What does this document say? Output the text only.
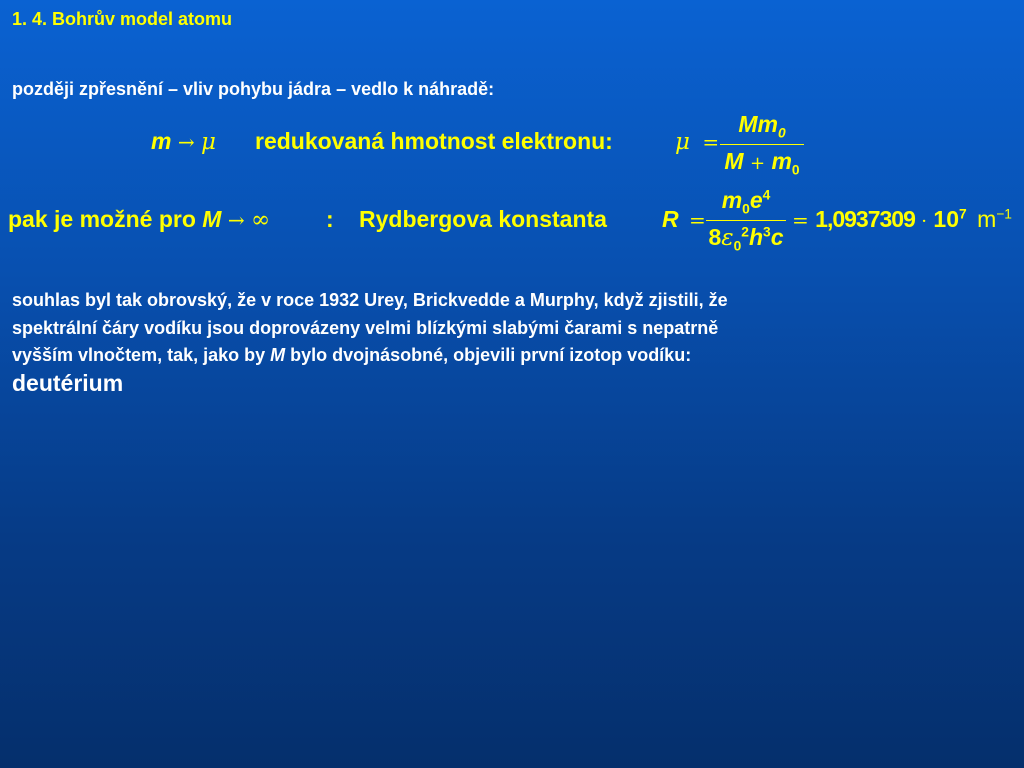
1. 4. Bohrův model atomu
později zpřesnění – vliv pohybu jádra – vedlo k náhradě:
m → μ redukovaná hmotnost elektronu:	μ =
$Mm_0$
$M + m_0$
pak je možné pro M → ∞ : Rydbergova konstanta R =
$m_0e^4$
$8\varepsilon_0^2h^3c$
= $1,0937309 \cdot 10^7$ $m^{-1}$
souhlas byl tak obrovský, že v roce 1932 Urey, Brickvedde a Murphy, když zjistili, že
spektrální čáry vodíku jsou doprovázeny velmi blízkými slabými čarami s nepatrně
vyšším vlnočtem, tak, jako by M bylo dvojnásobné, objevili první izotop vodíku:
deutérium
